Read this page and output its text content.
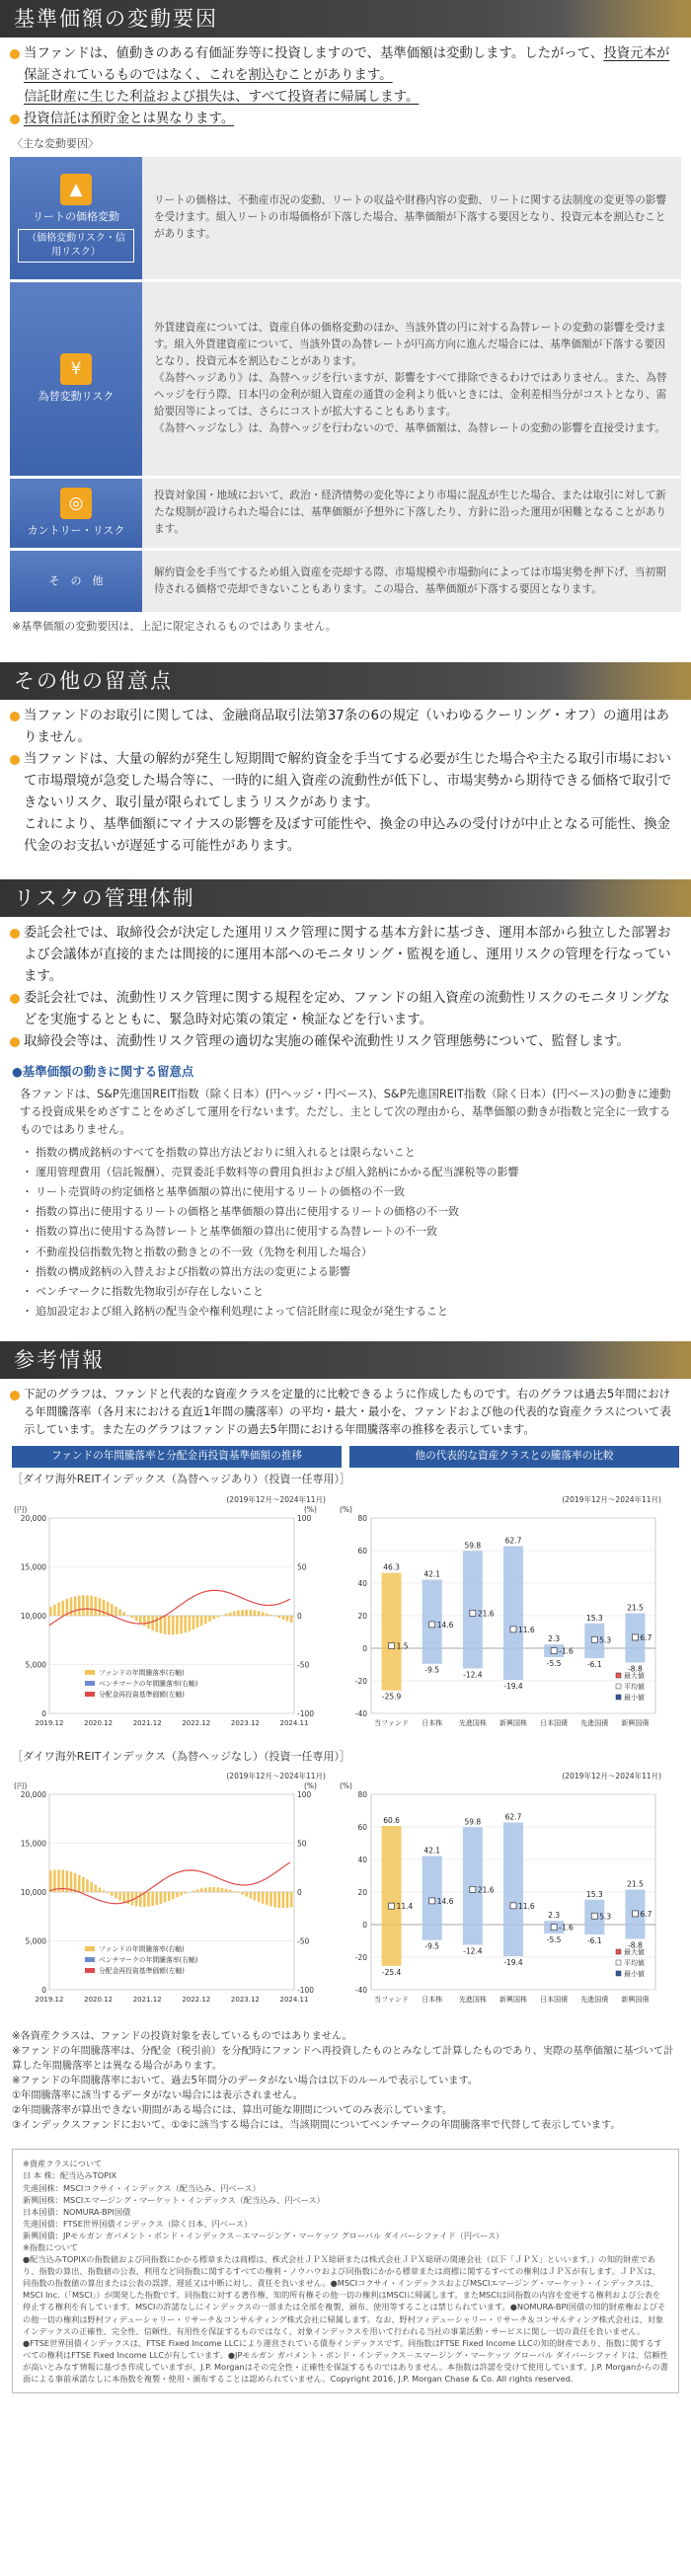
基準価額の変動要因
当ファンドは、値動きのある有価証券等に投資しますので、基準価額は変動します。したがって、投資元本が保証されているものではなく、これを割込むことがあります。
信託財産に生じた利益および損失は、すべて投資者に帰属します。
投資信託は預貯金とは異なります。
〈主な変動要因〉
▲
リートの価格変動
（価格変動リスク・信用リスク）
リートの価格は、不動産市況の変動、リートの収益や財務内容の変動、リートに関する法制度の変更等の影響を受けます。組入リートの市場価格が下落した場合、基準価額が下落する要因となり、投資元本を割込むことがあります。
¥
為替変動リスク
外貨建資産については、資産自体の価格変動のほか、当該外貨の円に対する為替レートの変動の影響を受けます。組入外貨建資産について、当該外貨の為替レートが円高方向に進んだ場合には、基準価額が下落する要因となり、投資元本を割込むことがあります。
《為替ヘッジあり》は、為替ヘッジを行いますが、影響をすべて排除できるわけではありません。また、為替ヘッジを行う際、日本円の金利が組入資産の通貨の金利より低いときには、金利差相当分がコストとなり、需給要因等によっては、さらにコストが拡大することもあります。
《為替ヘッジなし》は、為替ヘッジを行わないので、基準価額は、為替レートの変動の影響を直接受けます。
◎
カントリー・リスク
投資対象国・地域において、政治・経済情勢の変化等により市場に混乱が生じた場合、または取引に対して新たな規制が設けられた場合には、基準価額が予想外に下落したり、方針に沿った運用が困難となることがあります。
そ　の　他
解約資金を手当てするため組入資産を売却する際、市場規模や市場動向によっては市場実勢を押下げ、当初期待される価格で売却できないこともあります。この場合、基準価額が下落する要因となります。
※基準価額の変動要因は、上記に限定されるものではありません。
その他の留意点
当ファンドのお取引に関しては、金融商品取引法第37条の6の規定（いわゆるクーリング・オフ）の適用はありません。
当ファンドは、大量の解約が発生し短期間で解約資金を手当てする必要が生じた場合や主たる取引市場において市場環境が急変した場合等に、一時的に組入資産の流動性が低下し、市場実勢から期待できる価格で取引できないリスク、取引量が限られてしまうリスクがあります。
これにより、基準価額にマイナスの影響を及ぼす可能性や、換金の申込みの受付けが中止となる可能性、換金代金のお支払いが遅延する可能性があります。
リスクの管理体制
委託会社では、取締役会が決定した運用リスク管理に関する基本方針に基づき、運用本部から独立した部署および会議体が直接的または間接的に運用本部へのモニタリング・監視を通し、運用リスクの管理を行なっています。
委託会社では、流動性リスク管理に関する規程を定め、ファンドの組入資産の流動性リスクのモニタリングなどを実施するとともに、緊急時対応策の策定・検証などを行います。
取締役会等は、流動性リスク管理の適切な実施の確保や流動性リスク管理態勢について、監督します。
●基準価額の動きに関する留意点
各ファンドは、S&P先進国REIT指数（除く日本）(円ヘッジ・円ベース)、S&P先進国REIT指数（除く日本）(円ベース)の動きに連動する投資成果をめざすことをめざして運用を行ないます。ただし、主として次の理由から、基準価額の動きが指数と完全に一致するものではありません。
・ 指数の構成銘柄のすべてを指数の算出方法どおりに組入れるとは限らないこと
・ 運用管理費用（信託報酬）、売買委託手数料等の費用負担および組入銘柄にかかる配当課税等の影響
・ リート売買時の約定価格と基準価額の算出に使用するリートの価格の不一致
・ 指数の算出に使用するリートの価格と基準価額の算出に使用するリートの価格の不一致
・ 指数の算出に使用する為替レートと基準価額の算出に使用する為替レートの不一致
・ 不動産投信指数先物と指数の動きとの不一致（先物を利用した場合）
・ 指数の構成銘柄の入替えおよび指数の算出方法の変更による影響
・ ベンチマークに指数先物取引が存在しないこと
・ 追加設定および組入銘柄の配当金や権利処理によって信託財産に現金が発生すること
参考情報
下記のグラフは、ファンドと代表的な資産クラスを定量的に比較できるように作成したものです。右のグラフは過去5年間における年間騰落率（各月末における直近1年間の騰落率）の平均・最大・最小を、ファンドおよび他の代表的な資産クラスについて表示しています。また左のグラフはファンドの過去5年間における年間騰落率の推移を表示しています。
ファンドの年間騰落率と分配金再投資基準価額の推移	他の代表的な資産クラスとの騰落率の比較
［ダイワ海外REITインデックス（為替ヘッジあり）（投資一任専用）］
(2019年12月～2024年11月)
(円)	(%)
20,000	100
15,000	50
10,000	0
5,000	-50
0	-100
2019.12	2020.12	2021.12	2022.12	2023.12	2024.11
ファンドの年間騰落率(右軸)
ベンチマークの年間騰落率(右軸)
分配金再投資基準価額(左軸)
(2019年12月～2024年11月)
(%)
80
60
40
20
0
-20
-40
46.3
-25.9
1.5
当ファンド
42.1
-9.5
14.6
日本株
59.8
-12.4
21.6
先進国株
62.7
-19.4
11.6
新興国株
2.3
-5.5
-1.6
日本国債
15.3
-6.1
5.3
先進国債
21.5
-8.8
6.7
新興国債
最大値
平均値
最小値
［ダイワ海外REITインデックス（為替ヘッジなし）（投資一任専用）］
(2019年12月～2024年11月)
(円)	(%)
20,000	100
15,000	50
10,000	0
5,000	-50
0	-100
2019.12	2020.12	2021.12	2022.12	2023.12	2024.11
ファンドの年間騰落率(右軸)
ベンチマークの年間騰落率(右軸)
分配金再投資基準価額(左軸)
(2019年12月～2024年11月)
(%)
80
60
40
20
0
-20
-40
60.6
-25.4
11.4
当ファンド
42.1
-9.5
14.6
日本株
59.8
-12.4
21.6
先進国株
62.7
-19.4
11.6
新興国株
2.3
-5.5
-1.6
日本国債
15.3
-6.1
5.3
先進国債
21.5
-8.8
6.7
新興国債
最大値
平均値
最小値
※各資産クラスは、ファンドの投資対象を表しているものではありません。
※ファンドの年間騰落率は、分配金（税引前）を分配時にファンドへ再投資したものとみなして計算したものであり、実際の基準価額に基づいて計算した年間騰落率とは異なる場合があります。
※ファンドの年間騰落率において、過去5年間分のデータがない場合は以下のルールで表示しています。
①年間騰落率に該当するデータがない場合には表示されません。
②年間騰落率が算出できない期間がある場合には、算出可能な期間についてのみ表示しています。
③インデックスファンドにおいて、①②に該当する場合には、当該期間についてベンチマークの年間騰落率で代替して表示しています。
※資産クラスについて
日 本 株：配当込みTOPIX
先進国株：MSCIコクサイ・インデックス（配当込み、円ベース）
新興国株：MSCIエマージング・マーケット・インデックス（配当込み、円ベース）
日本国債：NOMURA-BPI国債
先進国債：FTSE世界国債インデックス（除く日本、円ベース）
新興国債：JPモルガン ガバメント・ボンド・インデックス－エマージング・マーケッツ グローバル ダイバーシファイド（円ベース）
※指数について
●配当込みTOPIXの指数値および同指数にかかる標章または商標は、株式会社ＪＰＸ総研または株式会社ＪＰＸ総研の関連会社（以下「ＪＰＸ」といいます。）の知的財産であり、指数の算出、指数値の公表、利用など同指数に関するすべての権利・ノウハウおよび同指数にかかる標章または商標に関するすべての権利はＪＰＸが有します。ＪＰＸは、同指数の指数値の算出または公表の誤謬、遅延又は中断に対し、責任を負いません。●MSCIコクサイ・インデックスおよびMSCIエマージング・マーケット・インデックスは、MSCI Inc.（「MSCI」）が開発した指数です。同指数に対する著作権、知的所有権その他一切の権利はMSCIに帰属します。またMSCIは同指数の内容を変更する権利および公表を停止する権利を有しています。MSCIの許諾なしにインデックスの一部または全部を複製、頒布、使用等することは禁じられています。●NOMURA-BPI国債の知的財産権およびその他一切の権利は野村フィデューシャリー・リサーチ＆コンサルティング株式会社に帰属します。なお、野村フィデューシャリー・リサーチ＆コンサルティング株式会社は、対象インデックスの正確性、完全性、信頼性、有用性を保証するものではなく、対象インデックスを用いて行われる当社の事業活動・サービスに関し一切の責任を負いません。●FTSE世界国債インデックスは、FTSE Fixed Income LLCにより運営されている債券インデックスです。同指数はFTSE Fixed Income LLCの知的財産であり、指数に関するすべての権利はFTSE Fixed Income LLCが有しています。●JPモルガン ガバメント・ボンド・インデックス－エマージング・マーケッツ グローバル ダイバーシファイドは、信頼性が高いとみなす情報に基づき作成していますが、J.P. Morganはその完全性・正確性を保証するものではありません。本指数は許諾を受けて使用しています。J.P. Morganからの書面による事前承諾なしに本指数を複製・使用・頒布することは認められていません。Copyright 2016, J.P. Morgan Chase & Co. All rights reserved.
